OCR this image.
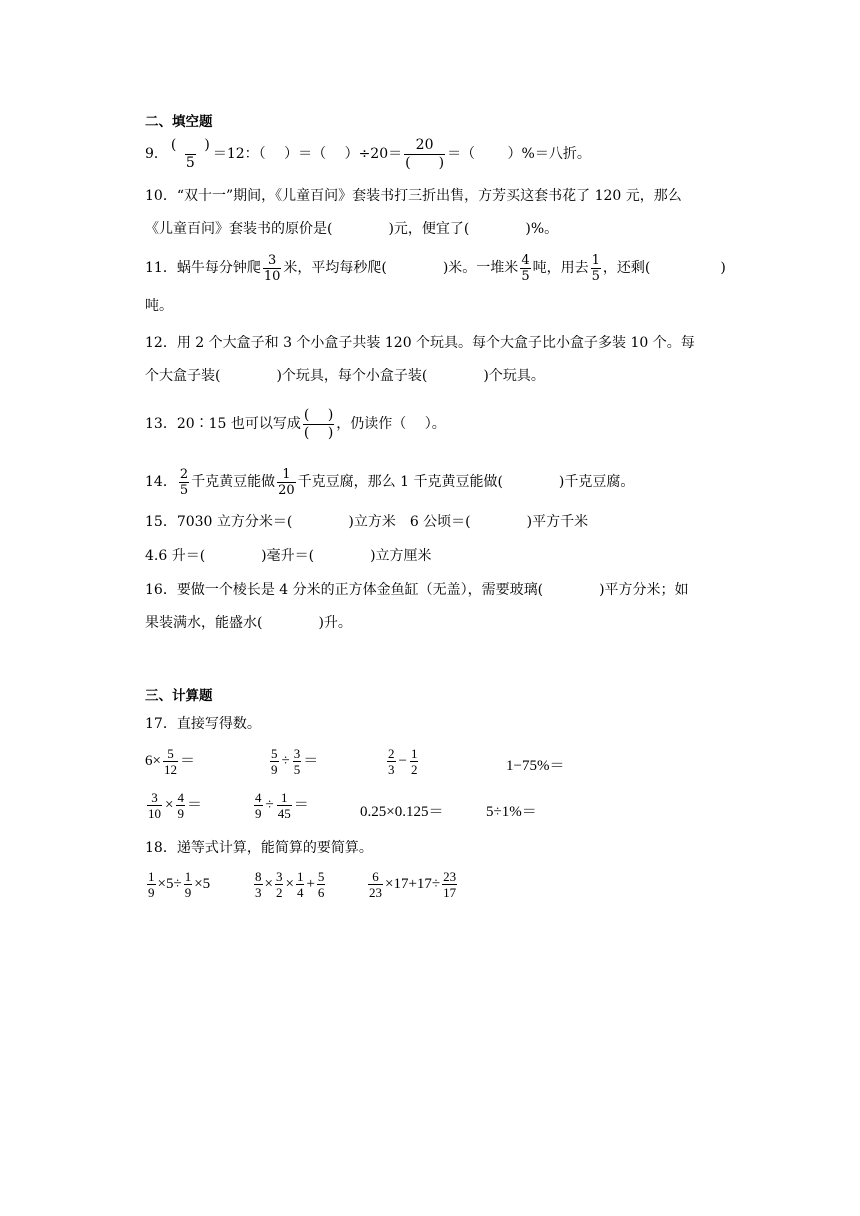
二、填空题
9． $\frac{( )}{5} =12$：（　 ）＝（　 ）$\div 20= \frac{20}{( )}$ ＝（　　 ）%＝八折。
10．“双十一”期间，《儿童百问》套装书打三折出售，方芳买这套书花了 120 元，那么
《儿童百问》套装书的原价是(　　　　)元，便宜了(　　　　)%。
11．蜗牛每分钟爬 $\frac{3}{10}$ 米，平均每秒爬(　　　　)米。一堆米 $\frac{4}{5}$ 吨，用去 $\frac{1}{5}$ ，还剩(　　　　　)
吨。
12．用 2 个大盒子和 3 个小盒子共装 120 个玩具。每个大盒子比小盒子多装 10 个。每
个大盒子装(　　　　)个玩具，每个小盒子装(　　　　)个玩具。
13．20∶15 也可以写成 $\frac{( )}{( )}$ ，仍读作（　 ）。
14． $\frac{2}{5}$ 千克黄豆能做 $\frac{1}{20}$ 千克豆腐，那么 1 千克黄豆能做(　　　　)千克豆腐。
15．7030 立方分米＝(　　　　)立方米　6 公顷＝(　　　　)平方千米
4.6 升＝(　　　　)毫升＝(　　　　)立方厘米
16．要做一个棱长是 4 分米的正方体金鱼缸（无盖），需要玻璃(　　　　)平方分米；如
果装满水，能盛水(　　　　)升。
三、计算题
17．直接写得数。
$6\times \frac{5}{12}$ ＝	$\frac{5}{9} \div \frac{3}{5}$ ＝	$\frac{2}{3} - \frac{1}{2}$	1−75%＝
$\frac{3}{10} \times \frac{4}{9}$ ＝	$\frac{4}{9} \div \frac{1}{45}$ ＝	0.25×0.125＝	5÷1%＝
18．递等式计算，能简算的要简算。
$\frac{1}{9} \times 5\div \frac{1}{9} \times 5$	$\frac{8}{3} \times \frac{3}{2} \times \frac{1}{4} + \frac{5}{6}$	$\frac{6}{23} \times 17+17\div \frac{23}{17}$
